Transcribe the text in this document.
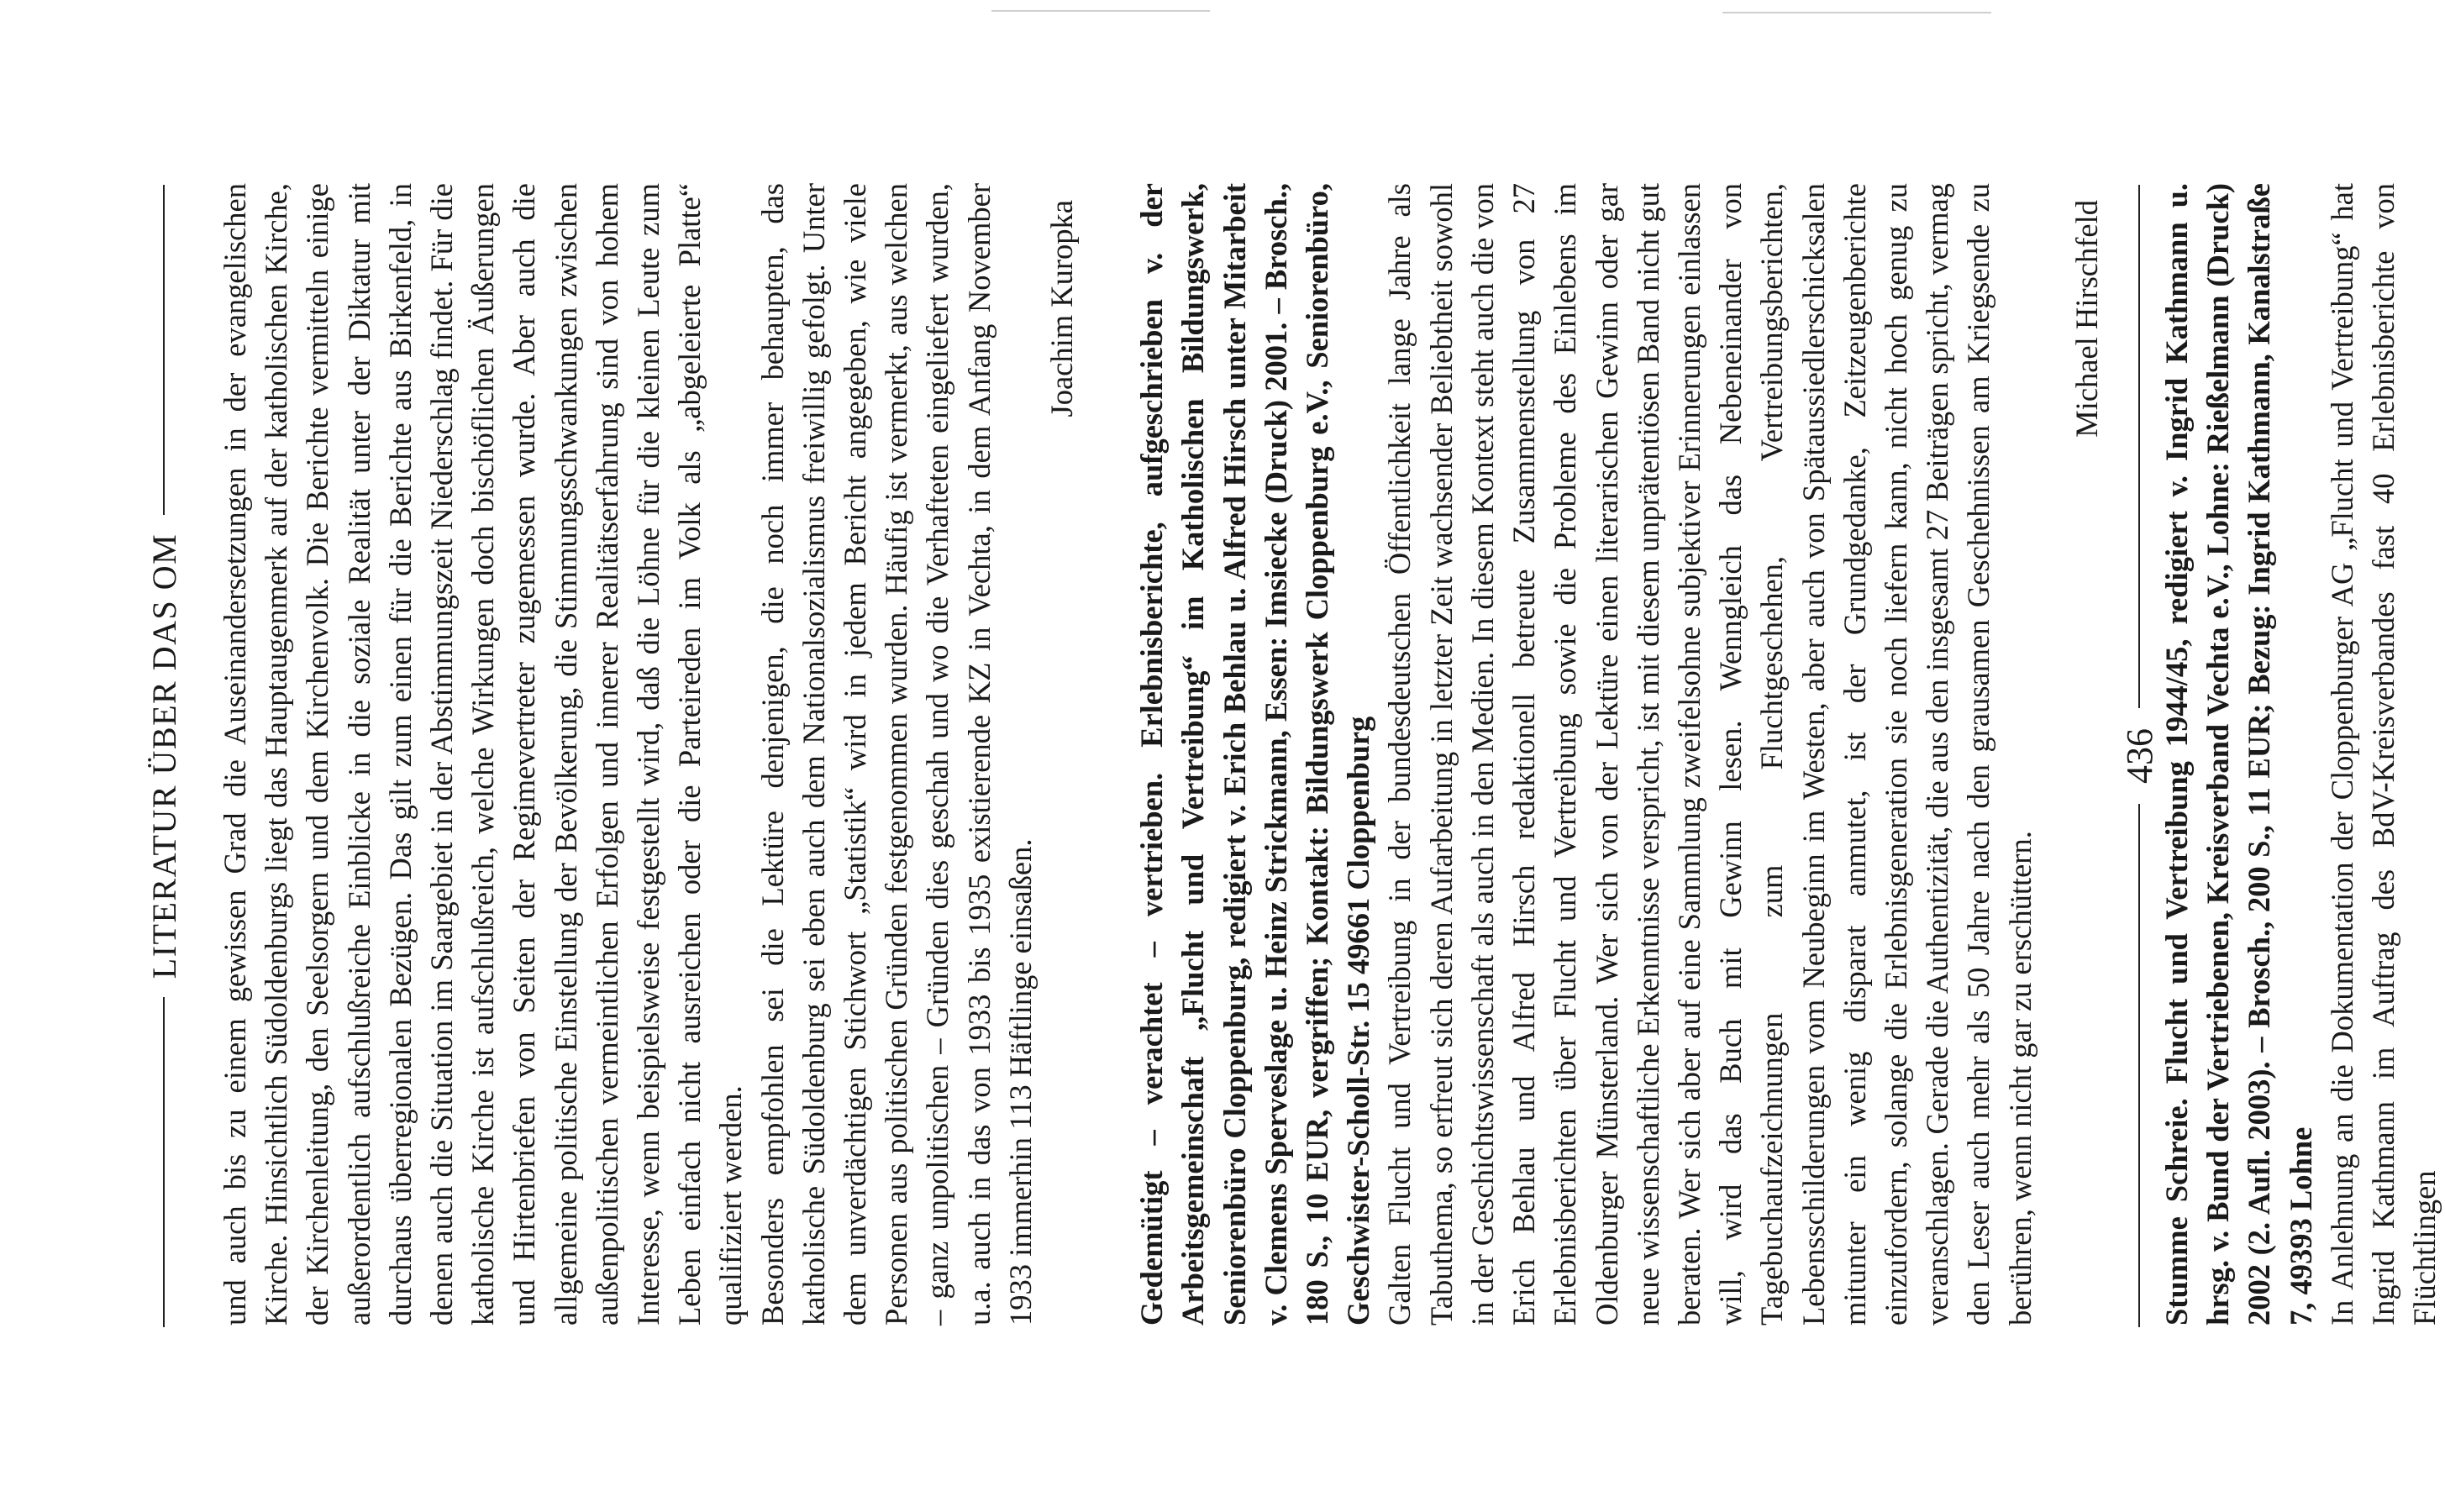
LITERATUR ÜBER DAS OM und auch bis zu einem gewissen Grad die Auseinandersetzungen in der evangelischen Kirche. Hinsichtlich Südoldenburgs liegt das Hauptaugenmerk auf der katholischen Kirche, der Kirchenleitung, den Seelsorgern und dem Kirchenvolk. Die Berichte vermitteln einige außerordentlich aufschlußreiche Einblicke in die soziale Realität unter der Diktatur mit durchaus überregionalen Bezügen. Das gilt zum einen für die Berichte aus Birkenfeld, in denen auch die Situation im Saargebiet in der Abstimmungszeit Niederschlag findet. Für die katholische Kirche ist aufschlußreich, welche Wirkungen doch bischöflichen Äußerungen und Hirtenbriefen von Seiten der Regimevertreter zugemessen wurde. Aber auch die allgemeine politische Einstellung der Bevölkerung, die Stimmungsschwankungen zwischen außenpolitischen vermeintlichen Erfolgen und innerer Realitätserfahrung sind von hohem Interesse, wenn beispielsweise festgestellt wird, daß die Löhne für die kleinen Leute zum Leben einfach nicht ausreichen oder die Parteireden im Volk als „abgeleierte Platte“ qualifiziert werden. Besonders empfohlen sei die Lektüre denjenigen, die noch immer behaupten, das katholische Südoldenburg sei eben auch dem Nationalsozialismus freiwillig gefolgt. Unter dem unverdächtigen Stichwort „Statistik“ wird in jedem Bericht angegeben, wie viele Personen aus politischen Gründen festgenommen wurden. Häufig ist vermerkt, aus welchen – ganz unpolitischen – Gründen dies geschah und wo die Verhafteten eingeliefert wurden, u.a. auch in das von 1933 bis 1935 existierende KZ in Vechta, in dem Anfang November 1933 immerhin 113 Häftlinge einsaßen.

Joachim Kuropka Gedemütigt – verachtet – vertrieben. Erlebnisberichte, aufgeschrieben v. der Arbeitsgemeinschaft „Flucht und Vertreibung“ im Katholischen Bildungswerk, Seniorenbüro Cloppenburg, redigiert v. Erich Behlau u. Alfred Hirsch unter Mitarbeit v. Clemens Sperveslage u. Heinz Strickmann, Essen: Imsiecke (Druck) 2001. – Brosch., 180 S., 10 EUR, vergriffen; Kontakt: Bildungswerk Cloppenburg e.V., Seniorenbüro, Geschwister-Scholl-Str. 15 49661 Cloppenburg Galten Flucht und Vertreibung in der bundesdeutschen Öffentlichkeit lange Jahre als Tabuthema, so erfreut sich deren Aufarbeitung in letzter Zeit wachsender Beliebtheit sowohl in der Geschichtswissenschaft als auch in den Medien. In diesem Kontext steht auch die von Erich Behlau und Alfred Hirsch redaktionell betreute Zusammenstellung von 27 Erlebnisberichten über Flucht und Vertreibung sowie die Probleme des Einlebens im Oldenburger Münsterland. Wer sich von der Lektüre einen literarischen Gewinn oder gar neue wissenschaftliche Erkenntnisse verspricht, ist mit diesem unprätentiösen Band nicht gut beraten. Wer sich aber auf eine Sammlung zweifelsohne subjektiver Erinnerungen einlassen will, wird das Buch mit Gewinn lesen. Wenngleich das Nebeneinander von Tagebuchaufzeichnungen zum Fluchtgeschehen, Vertreibungsberichten, Lebensschilderungen vom Neubeginn im Westen, aber auch von Spätaussiedlerschicksalen mitunter ein wenig disparat anmutet, ist der Grundgedanke, Zeitzeugenberichte einzufordern, solange die Erlebnisgeneration sie noch liefern kann, nicht hoch genug zu veranschlagen. Gerade die Authentizität, die aus den insgesamt 27 Beiträgen spricht, vermag den Leser auch mehr als 50 Jahre nach den grausamen Geschehnissen am Kriegsende zu berühren, wenn nicht gar zu erschüttern.

Michael Hirschfeld Stumme Schreie. Flucht und Vertreibung 1944/45, redigiert v. Ingrid Kathmann u. hrsg. v. Bund der Vertriebenen, Kreisverband Vechta e.V., Lohne: Rießelmann (Druck) 2002 (2. Aufl. 2003). – Brosch., 200 S., 11 EUR; Bezug: Ingrid Kathmann, Kanalstraße 7, 49393 Lohne In Anlehnung an die Dokumentation der Cloppenburger AG „Flucht und Vertreibung“ hat Ingrid Kathmann im Auftrag des BdV-Kreisverbandes fast 40 Erlebnisberichte von Flüchtlingen

436
